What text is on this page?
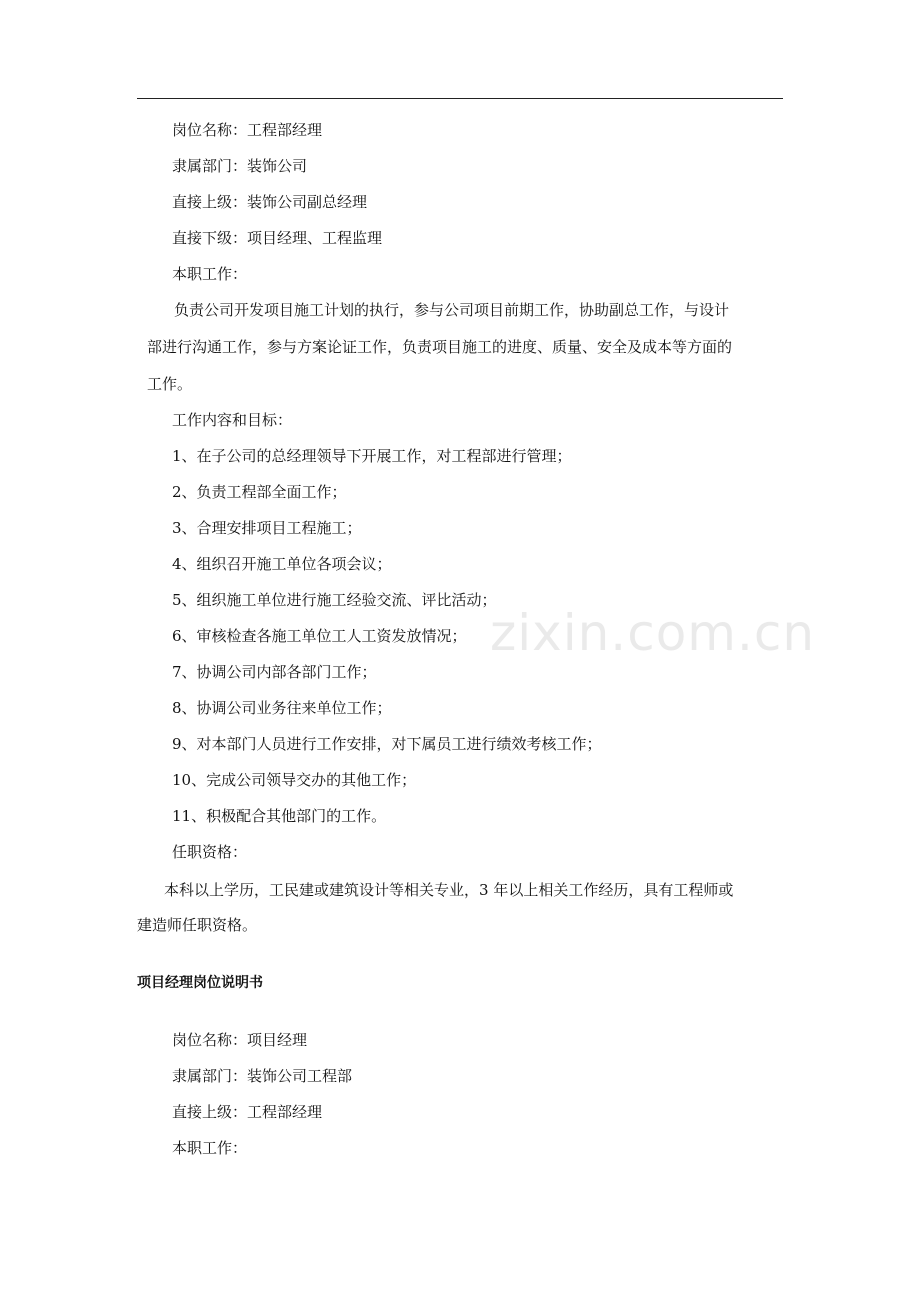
岗位名称：工程部经理
隶属部门：装饰公司
直接上级：装饰公司副总经理
直接下级：项目经理、工程监理
本职工作：
负责公司开发项目施工计划的执行，参与公司项目前期工作，协助副总工作，与设计
部进行沟通工作，参与方案论证工作，负责项目施工的进度、质量、安全及成本等方面的
工作。
工作内容和目标：
1、在子公司的总经理领导下开展工作，对工程部进行管理；
2、负责工程部全面工作；
3、合理安排项目工程施工；
4、组织召开施工单位各项会议；
5、组织施工单位进行施工经验交流、评比活动；
6、审核检查各施工单位工人工资发放情况；
7、协调公司内部各部门工作；
8、协调公司业务往来单位工作；
9、对本部门人员进行工作安排，对下属员工进行绩效考核工作；
10、完成公司领导交办的其他工作；
11、积极配合其他部门的工作。
任职资格：
本科以上学历，工民建或建筑设计等相关专业，3 年以上相关工作经历，具有工程师或
建造师任职资格。
项目经理岗位说明书
岗位名称：项目经理
隶属部门：装饰公司工程部
直接上级：工程部经理
本职工作：
zixin.com.cn
